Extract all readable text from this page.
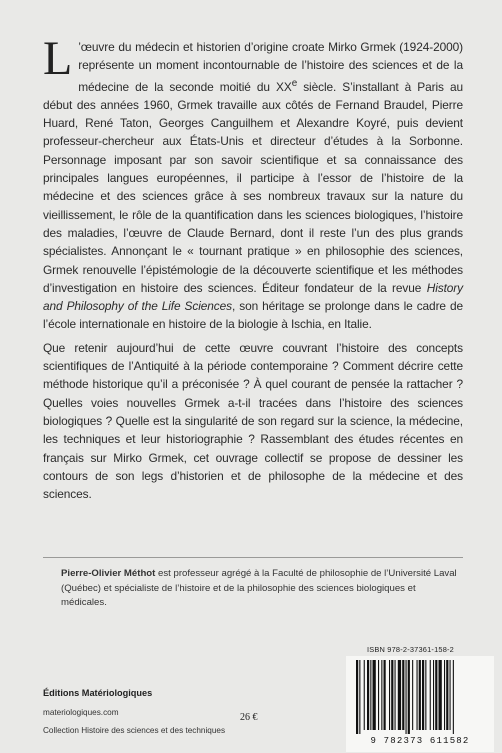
L ’œuvre du médecin et historien d’origine croate Mirko Grmek (1924-2000) représente un moment incontournable de l’histoire des sciences et de la médecine de la seconde moitié du XXe siècle. S’installant à Paris au début des années 1960, Grmek travaille aux côtés de Fernand Braudel, Pierre Huard, René Taton, Georges Canguilhem et Alexandre Koyré, puis devient professeur-chercheur aux États-Unis et directeur d’études à la Sorbonne. Personnage imposant par son savoir scientifique et sa connaissance des principales langues européennes, il participe à l’essor de l’histoire de la médecine et des sciences grâce à ses nombreux travaux sur la nature du vieillissement, le rôle de la quantification dans les sciences biologiques, l’histoire des maladies, l’œuvre de Claude Bernard, dont il reste l’un des plus grands spécialistes. Annonçant le « tournant pratique » en philosophie des sciences, Grmek renouvelle l’épistémologie de la découverte scientifique et les méthodes d’investigation en histoire des sciences. Éditeur fondateur de la revue History and Philosophy of the Life Sciences, son héritage se prolonge dans le cadre de l’école internationale en histoire de la biologie à Ischia, en Italie.

Que retenir aujourd’hui de cette œuvre couvrant l’histoire des concepts scientifiques de l’Antiquité à la période contemporaine ? Comment décrire cette méthode historique qu’il a préconisée ? À quel courant de pensée la rattacher ? Quelles voies nouvelles Grmek a-t-il tracées dans l’histoire des sciences biologiques ? Quelle est la singularité de son regard sur la science, la médecine, les techniques et leur historiographie ? Rassemblant des études récentes en français sur Mirko Grmek, cet ouvrage collectif se propose de dessiner les contours de son legs d’historien et de philosophe de la médecine et des sciences.

Pierre-Olivier Méthot est professeur agrégé à la Faculté de philosophie de l’Université Laval (Québec) et spécialiste de l’histoire et de la philosophie des sciences biologiques et médicales.
ISBN 978-2-37361-158-2
9 782373 611582
Éditions Matériologiques
materiologiques.com	26 €
Collection Histoire des sciences et des techniques
